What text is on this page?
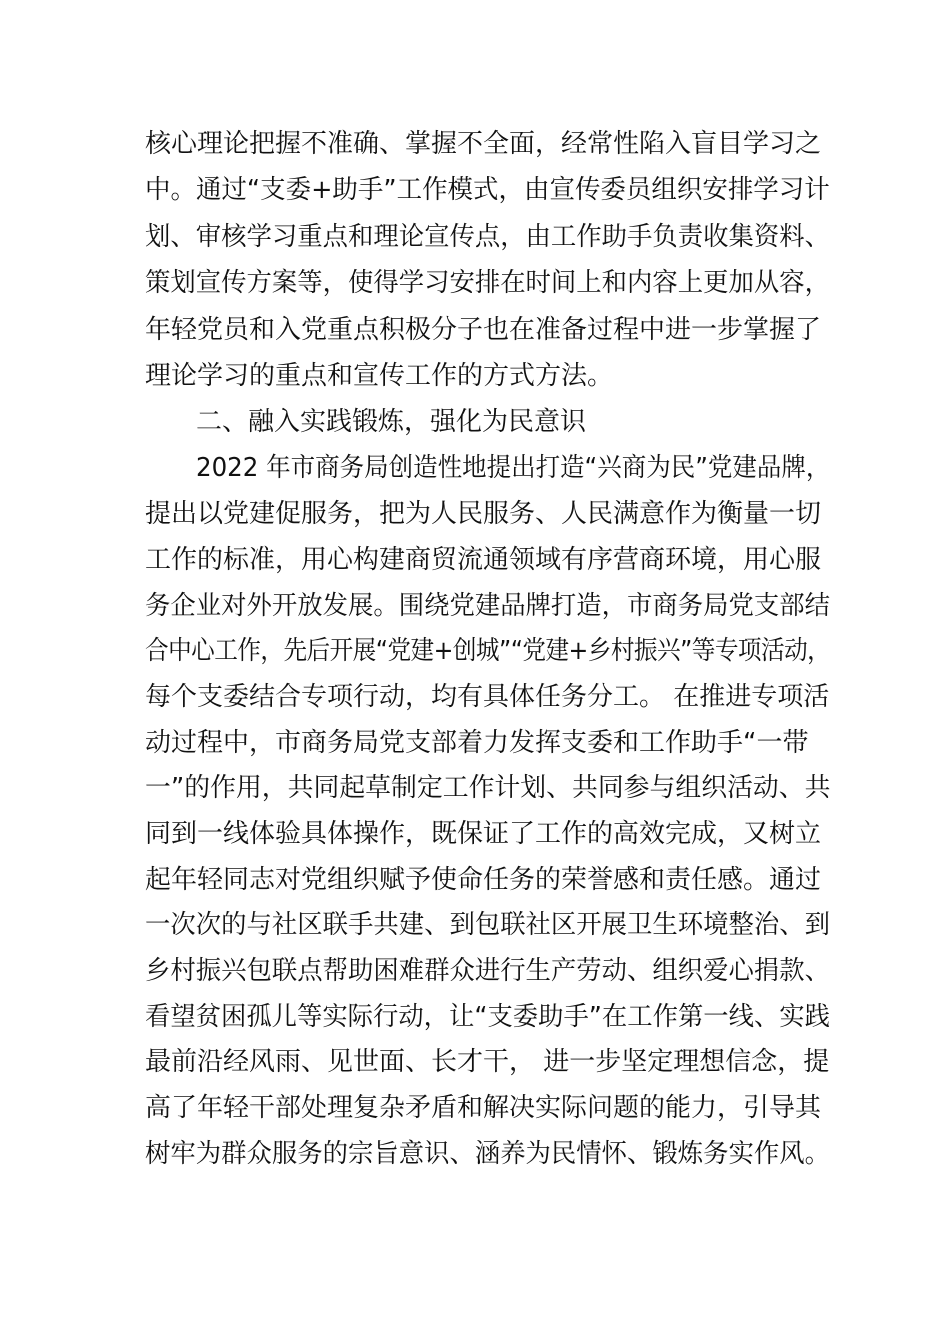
核心理论把握不准确、掌握不全面，经常性陷入盲目学习之
中。通过“支委+助手”工作模式，由宣传委员组织安排学习计
划、审核学习重点和理论宣传点，由工作助手负责收集资料、
策划宣传方案等，使得学习安排在时间上和内容上更加从容，
年轻党员和入党重点积极分子也在准备过程中进一步掌握了
理论学习的重点和宣传工作的方式方法。
二、融入实践锻炼，强化为民意识
2022 年市商务局创造性地提出打造“兴商为民”党建品牌，
提出以党建促服务，把为人民服务、人民满意作为衡量一切
工作的标准，用心构建商贸流通领域有序营商环境，用心服
务企业对外开放发展。围绕党建品牌打造，市商务局党支部结
合中心工作，先后开展“党建+创城”“党建+乡村振兴”等专项活动，
每个支委结合专项行动，均有具体任务分工。 在推进专项活
动过程中，市商务局党支部着力发挥支委和工作助手“一带
一”的作用，共同起草制定工作计划、共同参与组织活动、共
同到一线体验具体操作，既保证了工作的高效完成，又树立
起年轻同志对党组织赋予使命任务的荣誉感和责任感。通过
一次次的与社区联手共建、到包联社区开展卫生环境整治、到
乡村振兴包联点帮助困难群众进行生产劳动、组织爱心捐款、
看望贫困孤儿等实际行动，让“支委助手”在工作第一线、实践
最前沿经风雨、见世面、长才干， 进一步坚定理想信念，提
高了年轻干部处理复杂矛盾和解决实际问题的能力，引导其
树牢为群众服务的宗旨意识、涵养为民情怀、锻炼务实作风。
